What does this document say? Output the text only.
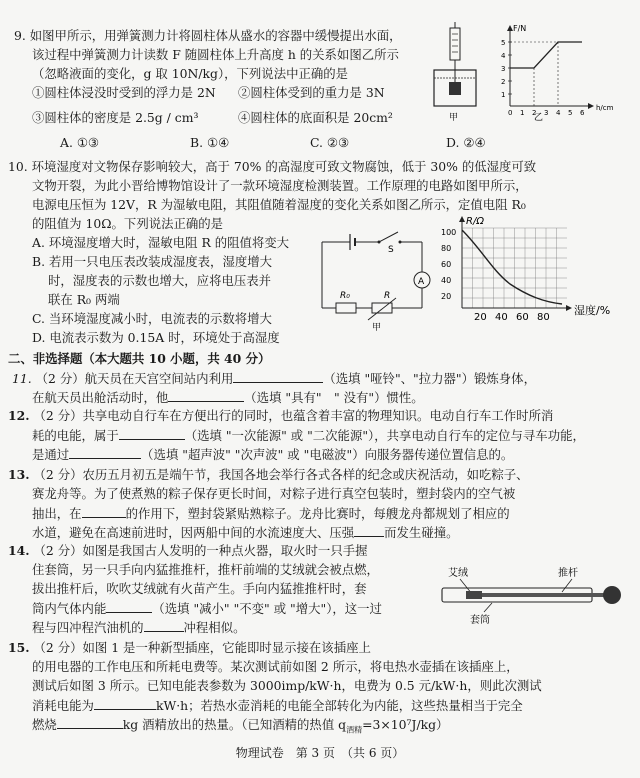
9. 如图甲所示，用弹簧测力计将圆柱体从盛水的容器中缓慢提出水面，
该过程中弹簧测力计读数 F 随圆柱体上升高度 h 的关系如图乙所示
（忽略液面的变化，g 取 10N/kg），下列说法中正确的是
①圆柱体浸没时受到的浮力是 2N ②圆柱体受到的重力是 3N
③圆柱体的密度是 2.5g / cm³	④圆柱体的底面积是 20cm²
A. ①③	B. ①④	C. ②③	D. ②④
甲
F/N
h/cm
5
4
3
2
1
0 1 2 3 4 5 6
乙
10. 环境湿度对文物保存影响较大，高于 70% 的高湿度可致文物腐蚀，低于 30% 的低湿度可致
文物开裂，为此小晋给博物馆设计了一款环境湿度检测装置。工作原理的电路如图甲所示，
电源电压恒为 12V，R 为湿敏电阻，其阻值随着湿度的变化关系如图乙所示，定值电阻 R₀
的阻值为 10Ω。下列说法正确的是
A. 环境湿度增大时，湿敏电阻 R 的阻值将变大
B. 若用一只电压表改装成湿度表，湿度增大
时，湿度表的示数也增大，应将电压表并
联在 R₀ 两端
C. 当环境湿度减小时，电流表的示数将增大
D. 电流表示数为 0.15A 时，环境处于高湿度
S
A
R
R₀
甲
R/Ω
湿度/%
100
80
60
40
20
20 40 60 80
二、非选择题（本大题共 10 小题，共 40 分）
11. （2 分）航天员在天宫空间站内利用	（选填 "哑铃"、"拉力器"）锻炼身体，
在航天员出舱活动时，他	（选填 "具有"　" 没有"）惯性。
12. （2 分）共享电动自行车在方便出行的同时，也蕴含着丰富的物理知识。电动自行车工作时所消
耗的电能，属于	（选填 "一次能源" 或 "二次能源"），共享电动自行车的定位与寻车功能，
是通过	（选填 "超声波" "次声波" 或 "电磁波"）向服务器传递位置信息的。
13. （2 分）农历五月初五是端午节，我国各地会举行各式各样的纪念或庆祝活动，如吃粽子、
赛龙舟等。为了使煮熟的粽子保存更长时间，对粽子进行真空包装时，塑封袋内的空气被
抽出，在	的作用下，塑封袋紧贴熟粽子。龙舟比赛时，每艘龙舟都规划了相应的
水道，避免在高速前进时，因两船中间的水流速度大、压强 而发生碰撞。
14. （2 分）如图是我国古人发明的一种点火器，取火时一只手握
住套筒，另一只手向内猛推推杆，推杆前端的艾绒就会被点燃，
拔出推杆后，吹吹艾绒就有火苗产生。手向内猛推推杆时，套
筒内气体内能	（选填 "减小" "不变" 或 "增大"），这一过
程与四冲程汽油机的	冲程相似。
艾绒	推杆
套筒
15. （2 分）如图 1 是一种新型插座，它能即时显示接在该插座上
的用电器的工作电压和所耗电费等。某次测试前如图 2 所示，将电热水壶插在该插座上，
测试后如图 3 所示。已知电能表参数为 3000imp/kW·h，电费为 0.5 元/kW·h，则此次测试
消耗电能为	kW·h；若热水壶消耗的电能全部转化为内能，这些热量相当于完全
燃烧	kg 酒精放出的热量。（已知酒精的热值 $q_{酒精}=3\times 10^7J/kg$）
物理试卷　第 3 页　（共 6 页）
